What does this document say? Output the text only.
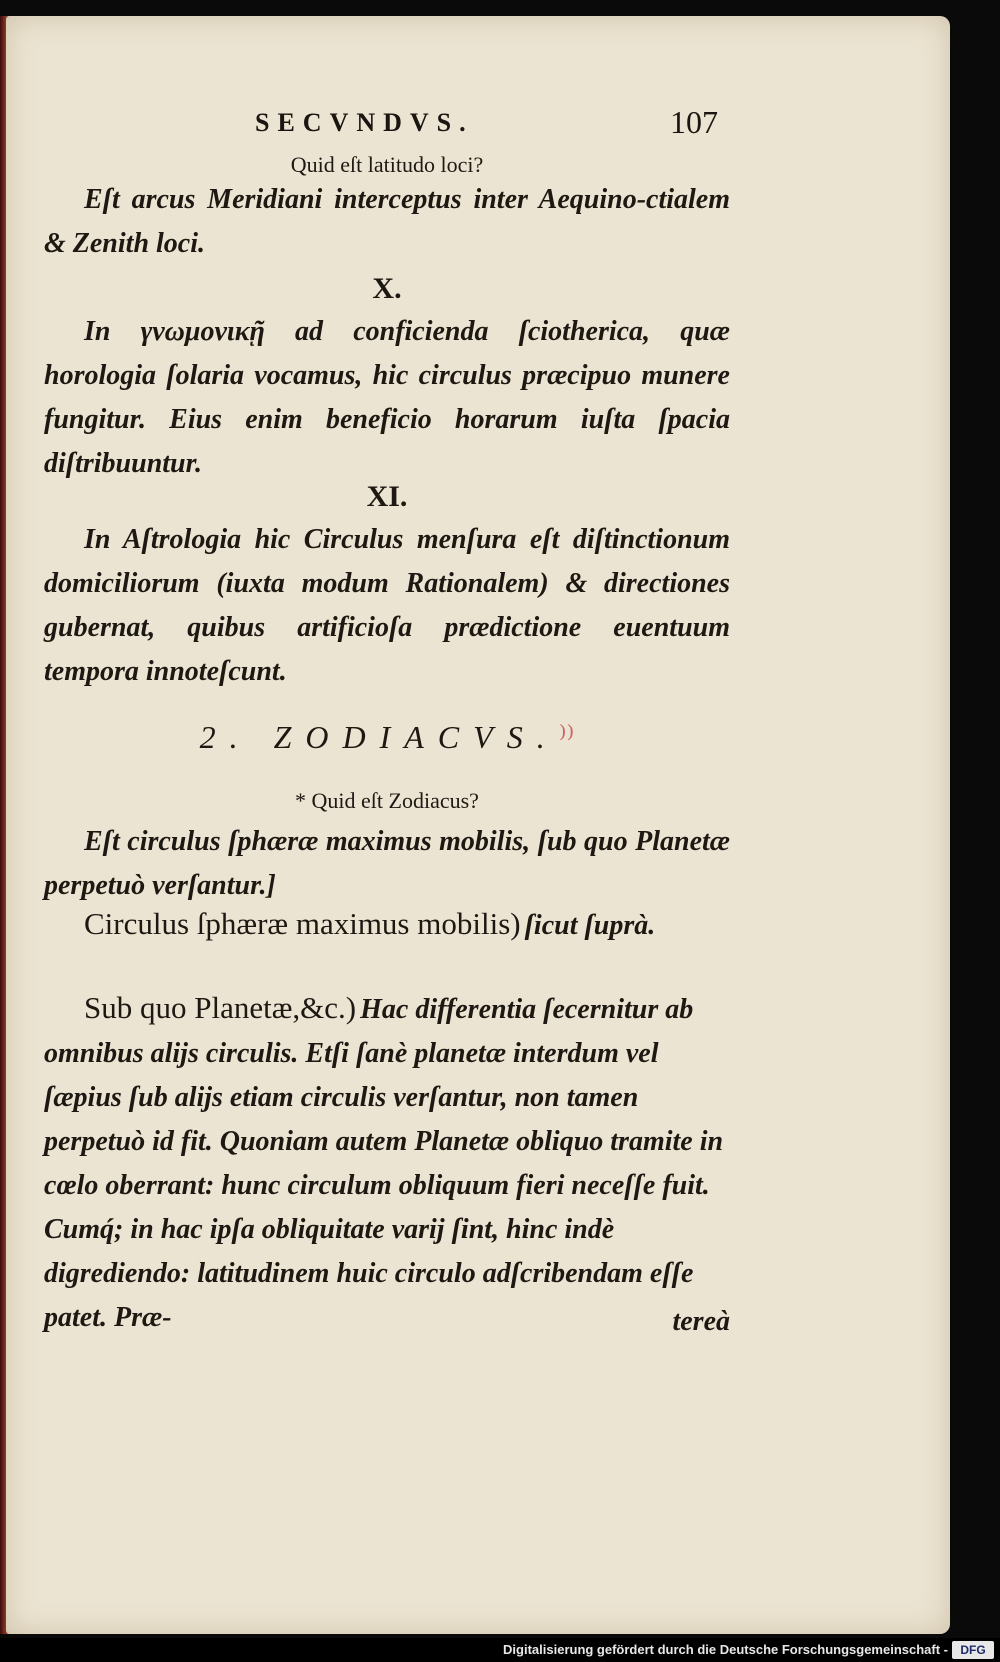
SECVNDVS.	107
Quid eſt latitudo loci?
Eſt arcus Meridiani interceptus inter Aequino-ctialem & Zenith loci.
X.
In γνωμονικῇ ad conficienda ſciotherica, quæ horologia ſolaria vocamus, hic circulus præcipuo munere fungitur. Eius enim beneficio horarum iuſta ſpacia diſtribuuntur.
XI.
In Aſtrologia hic Circulus menſura eſt diſtinctionum domiciliorum (iuxta modum Rationalem) & directiones gubernat, quibus artificioſa prædictione euentuum tempora innoteſcunt.
2. ZODIACVS.⁾⁾
* Quid eſt Zodiacus?
Eſt circulus ſphæræ maximus mobilis, ſub quo Planetæ perpetuò verſantur.]
Circulus ſphæræ maximus mobilis) ſicut ſuprà.
Sub quo Planetæ,&c.) Hac differentia ſecernitur ab omnibus alijs circulis. Etſi ſanè planetæ interdum vel ſæpius ſub alijs etiam circulis verſantur, non tamen perpetuò id fit. Quoniam autem Planetæ obliquo tramite in cœlo oberrant: hunc circulum obliquum fieri neceſſe fuit. Cumq́; in hac ipſa obliquitate varij ſint, hinc indè digrediendo: latitudinem huic circulo adſcribendam eſſe patet. Præ-	tereà
Digitalisierung gefördert durch die Deutsche Forschungsgemeinschaft -	DFG
